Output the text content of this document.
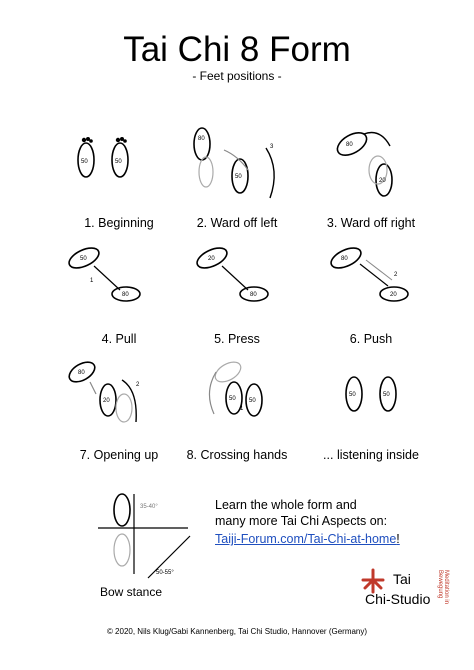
Tai Chi 8 Form
- Feet positions -
50	50
1. Beginning
80
50
3
2. Ward off left
80
20
3. Ward off right
50
80
1
4. Pull
20
80
5. Press
80
20
2
6. Push
80
20
2
7. Opening up
50 50
1
8. Crossing hands
50	50
... listening inside
35-40°
50-55°
Bow stance
Learn the whole form and
many more Tai Chi Aspects on:
Taiji-Forum.com/Tai-Chi-at-home!
Tai
Chi-Studio	Meditation in Bewegung
© 2020, Nils Klug/Gabi Kannenberg, Tai Chi Studio, Hannover (Germany)
